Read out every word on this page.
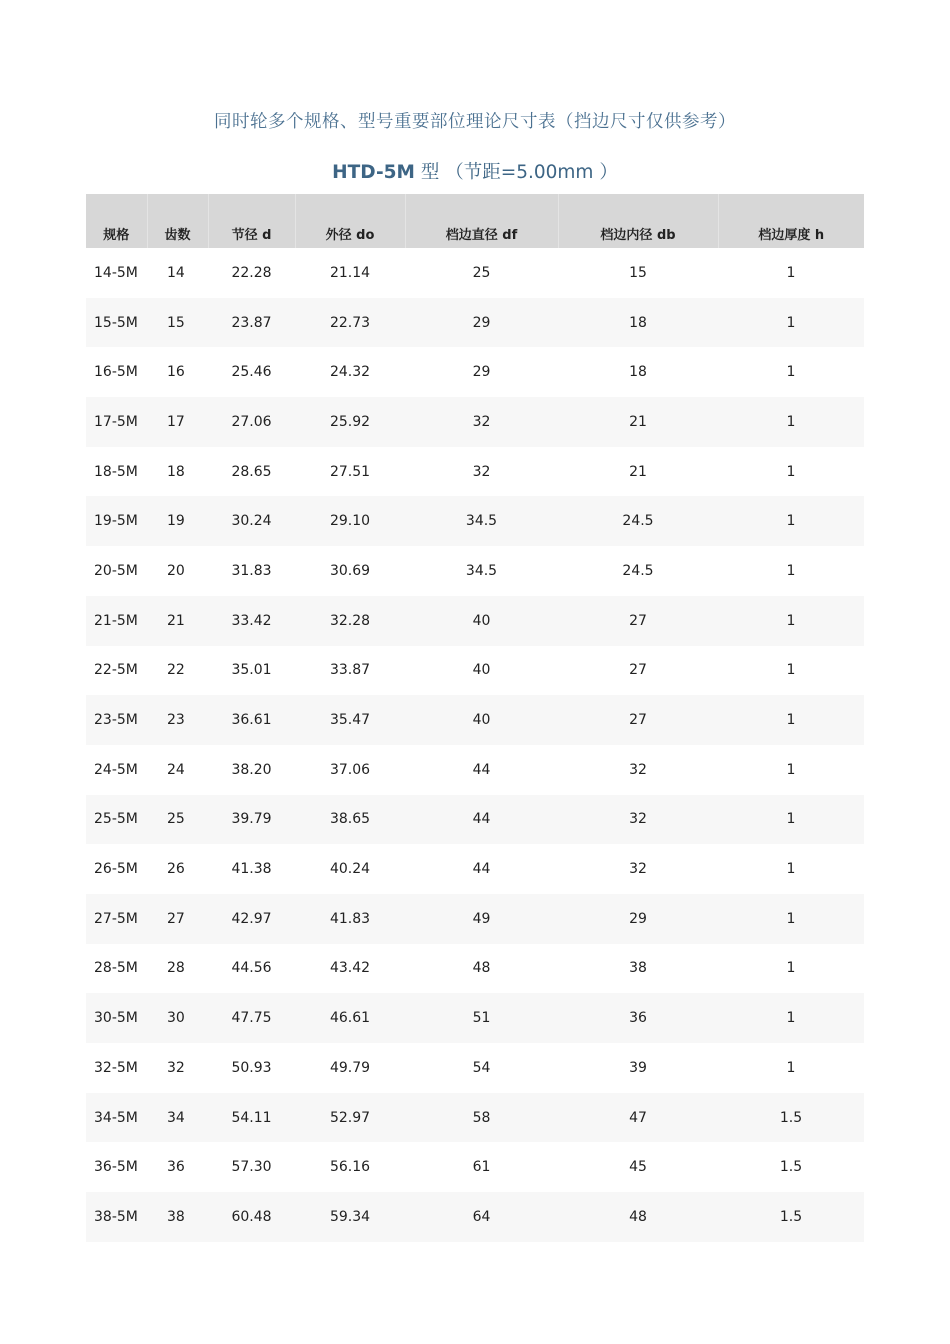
同时轮多个规格、型号重要部位理论尺寸表（挡边尺寸仅供参考）
HTD-5M 型 （节距=5.00mm ）
规格	齿数	节径 d	外径 do	档边直径 df	档边内径 db	档边厚度 h
14-5M	14	22.28	21.14	25	15	1
15-5M	15	23.87	22.73	29	18	1
16-5M	16	25.46	24.32	29	18	1
17-5M	17	27.06	25.92	32	21	1
18-5M	18	28.65	27.51	32	21	1
19-5M	19	30.24	29.10	34.5	24.5	1
20-5M	20	31.83	30.69	34.5	24.5	1
21-5M	21	33.42	32.28	40	27	1
22-5M	22	35.01	33.87	40	27	1
23-5M	23	36.61	35.47	40	27	1
24-5M	24	38.20	37.06	44	32	1
25-5M	25	39.79	38.65	44	32	1
26-5M	26	41.38	40.24	44	32	1
27-5M	27	42.97	41.83	49	29	1
28-5M	28	44.56	43.42	48	38	1
30-5M	30	47.75	46.61	51	36	1
32-5M	32	50.93	49.79	54	39	1
34-5M	34	54.11	52.97	58	47	1.5
36-5M	36	57.30	56.16	61	45	1.5
38-5M	38	60.48	59.34	64	48	1.5
